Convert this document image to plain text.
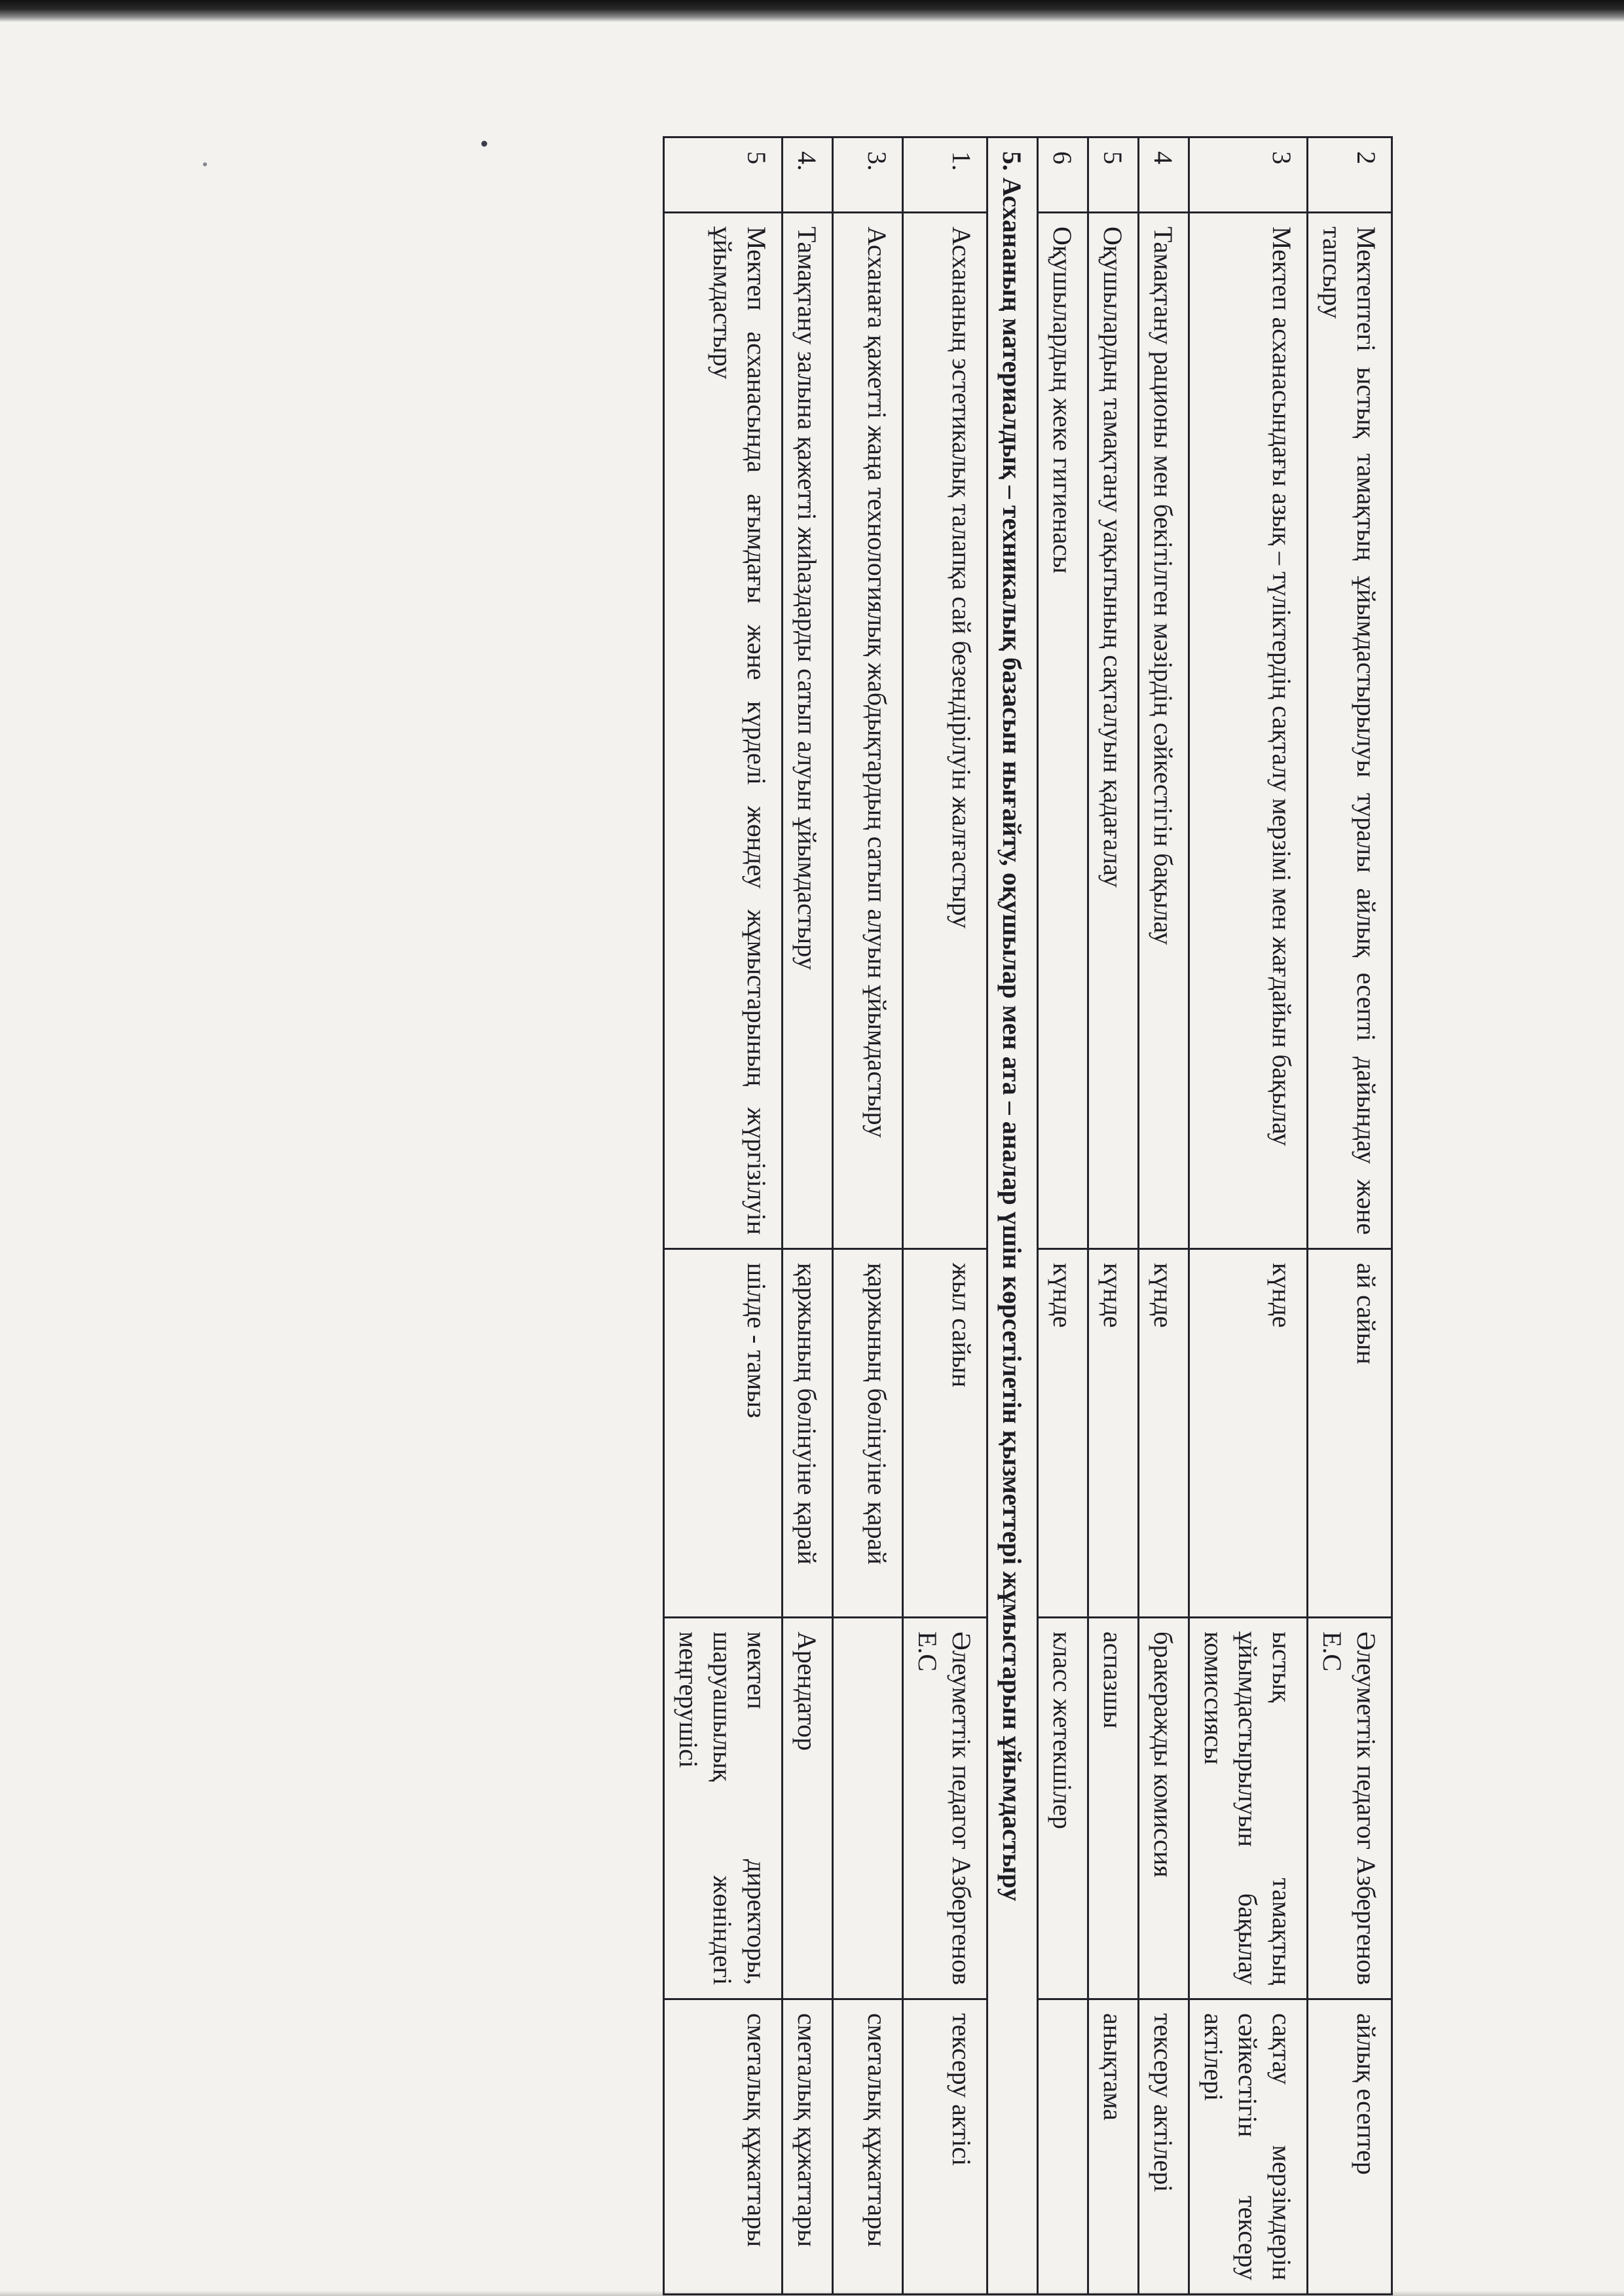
2	Мектептегі ыстық тамақтың ұйымдастырылуы туралы айлық есепті дайындау және тапсыру	ай сайын	Әлеуметтік педагог Азбергенов Е.С	айлық есептер
3	Мектеп асханасындағы азық – түліктердің сақталу мерзімі мен жағдайын бақылау	күнде	ыстық тамақтың ұйымдастырылуын бақылау комиссиясы	сақтау мерзімдерін сәйкестігін тексеру актілері
4	Тамақтану рационы мен бекітілген мәзірдің сәйкестігін бақылау	күнде	бракеражды комиссия	тексеру актілері
5	Оқушылардың тамақтану уақытының сақталуын қадағалау	күнде	аспазшы	анықтама
6	Оқушылардың жеке гигиенасы	күнде	класс жетекшілер	
5. Асхананың материалдық – техникалық базасын нығайту, оқушылар мен ата – аналар үшін көрсетілетін қызметтері жұмыстарын ұйымдастыру				
1.	Асхананың эстетикалық талапқа сай безендірілуін жалғастыру	жыл сайын	Әлеуметтік педагог Азбергенов Е.С	тексеру актісі
3.	Асханаға қажетті жаңа технологиялық жабдықтардың сатып алуын ұйымдастыру	қаржының бөлінуіне қарай		сметалық құжаттары
4.	Тамақтану залына қажетті жиһаздарды сатып алуын ұйымдастыру	қаржының бөлінуіне қарай	Арендатор	сметалық құжаттары
5	Мектеп асханасында ағымдағы және күрделі жөндеу жұмыстарының жүргізілуін ұйымдастыру	шілде - тамыз	мектеп директоры, шаруашылық жөніндегі меңгерушісі	сметалық құжаттары
